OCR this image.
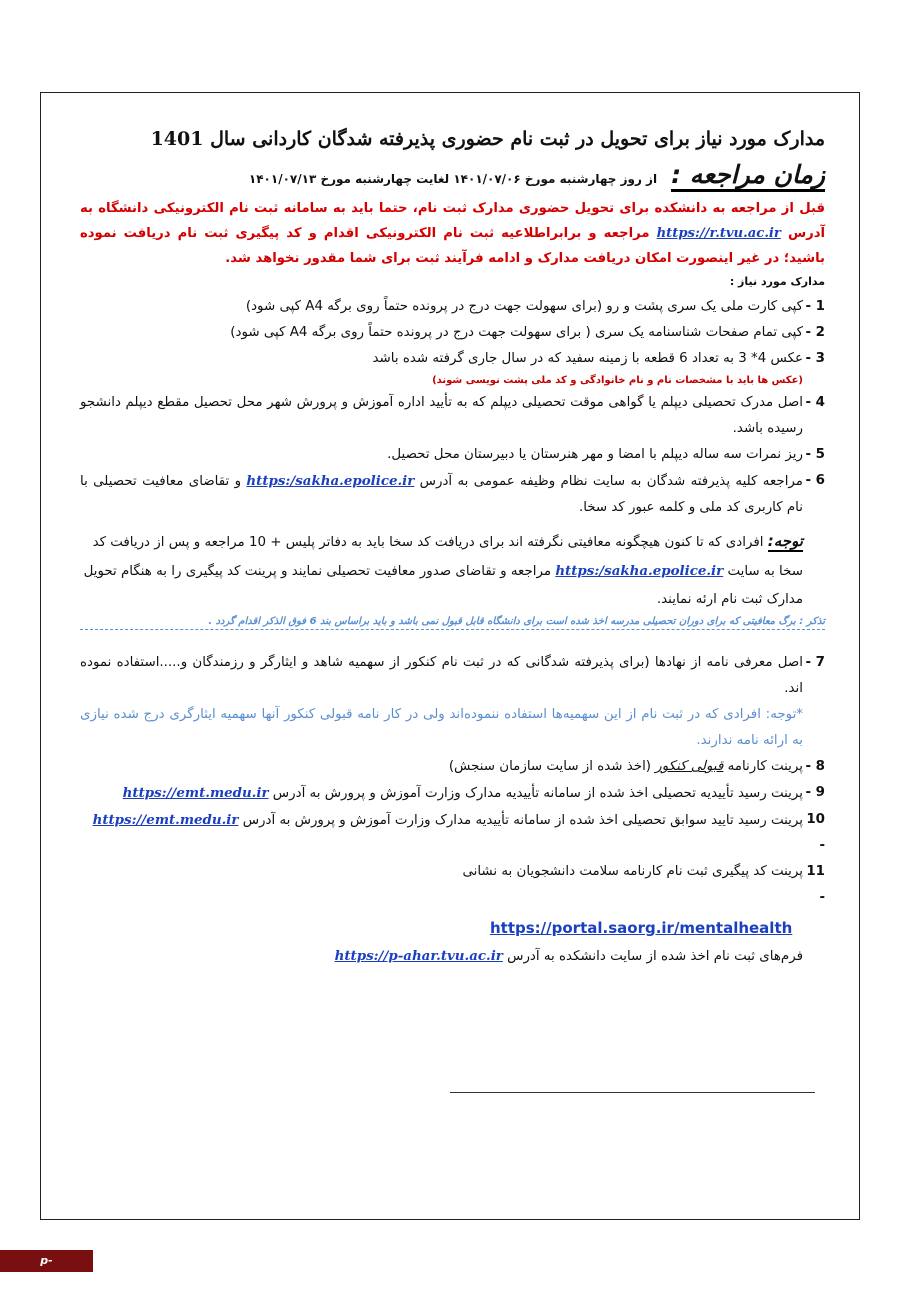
مدارک مورد نیاز برای تحویل در ثبت نام حضوری پذیرفته شدگان کاردانی سال 1401
زمان مراجعه :
از روز چهارشنبه مورخ ۱۴۰۱/۰۷/۰۶ لغایت چهارشنبه مورخ ۱۴۰۱/۰۷/۱۳
قبل از مراجعه به دانشکده برای تحویل حضوری مدارک ثبت نام، حتما باید به سامانه ثبت نام الکترونیکی دانشگاه به آدرس https://r.tvu.ac.ir مراجعه و برابراطلاعیه ثبت نام الکترونیکی اقدام و کد پیگیری ثبت نام دریافت نموده باشید؛ در غیر اینصورت امکان دریافت مدارک و ادامه فرآیند ثبت برای شما مقدور نخواهد شد.
مدارک مورد نیاز :
1 -
کپی کارت ملی یک سری پشت و رو (برای سهولت جهت درج در پرونده حتماً روی برگه A4 کپی شود)
2 -
کپی تمام صفحات شناسنامه یک سری ( برای سهولت جهت درج در پرونده حتماً روی برگه A4 کپی شود)
3 -
عکس 4* 3 به تعداد 6 قطعه با زمینه سفید که در سال جاری گرفته شده باشد
(عکس ها باید با مشخصات نام و نام خانوادگی و کد ملی پشت نویسی شوند)
4 -
اصل مدرک تحصیلی دیپلم یا گواهی موقت تحصیلی دیپلم که به تأیید اداره آموزش و پرورش شهر محل تحصیل مقطع دیپلم دانشجو رسیده باشد.
5 -
ریز نمرات سه ساله دیپلم با امضا و مهر هنرستان یا دبیرستان محل تحصیل.
6 -
مراجعه کلیه پذیرفته شدگان به سایت نظام وظیفه عمومی به آدرس https:/sakha.epolice.ir و تقاضای معافیت تحصیلی با نام کاربری کد ملی و کلمه عبور کد سخا.
توجه: افرادی که تا کنون هیچگونه معافیتی نگرفته اند برای دریافت کد سخا باید به دفاتر پلیس + 10 مراجعه و پس از دریافت کد سخا به سایت https:/sakha.epolice.ir مراجعه و تقاضای صدور معافیت تحصیلی نمایند و پرینت کد پیگیری را به هنگام تحویل مدارک ثبت نام ارئه نمایند.
تذکر : برگ معافیتی که برای دوران تحصیلی مدرسه اخذ شده است برای دانشگاه قابل قبول نمی باشد و باید براساس بند 6 فوق الذکر اقدام گردد .
7 -
اصل معرفی نامه از نهادها (برای پذیرفته شدگانی که در ثبت نام کنکور از سهمیه شاهد و ایثارگر و رزمندگان و.....استفاده نموده اند.
*توجه: افرادی که در ثبت نام از این سهمیه‌ها استفاده ننموده‌اند ولی در کار نامه قبولی کنکور آنها سهمیه ایثارگری درج شده نیازی به ارائه نامه ندارند.
8 -
پرینت کارنامه قبولی کنکور (اخذ شده از سایت سازمان سنجش)
9 -
پرینت رسید تأییدیه تحصیلی اخذ شده از سامانه تأییدیه مدارک وزارت آموزش و پرورش به آدرس https://emt.medu.ir
10 -
پرینت رسید تایید سوابق تحصیلی اخذ شده از سامانه تأییدیه مدارک وزارت آموزش و پرورش به آدرس https://emt.medu.ir
11 -
پرینت کد پیگیری ثبت نام کارنامه سلامت دانشجویان به نشانی
https://portal.saorg.ir/mentalhealth
فرم‌های ثبت نام اخذ شده از سایت دانشکده به آدرس https://p-ahar.tvu.ac.ir
p-ahar.tvu.ac.ir
